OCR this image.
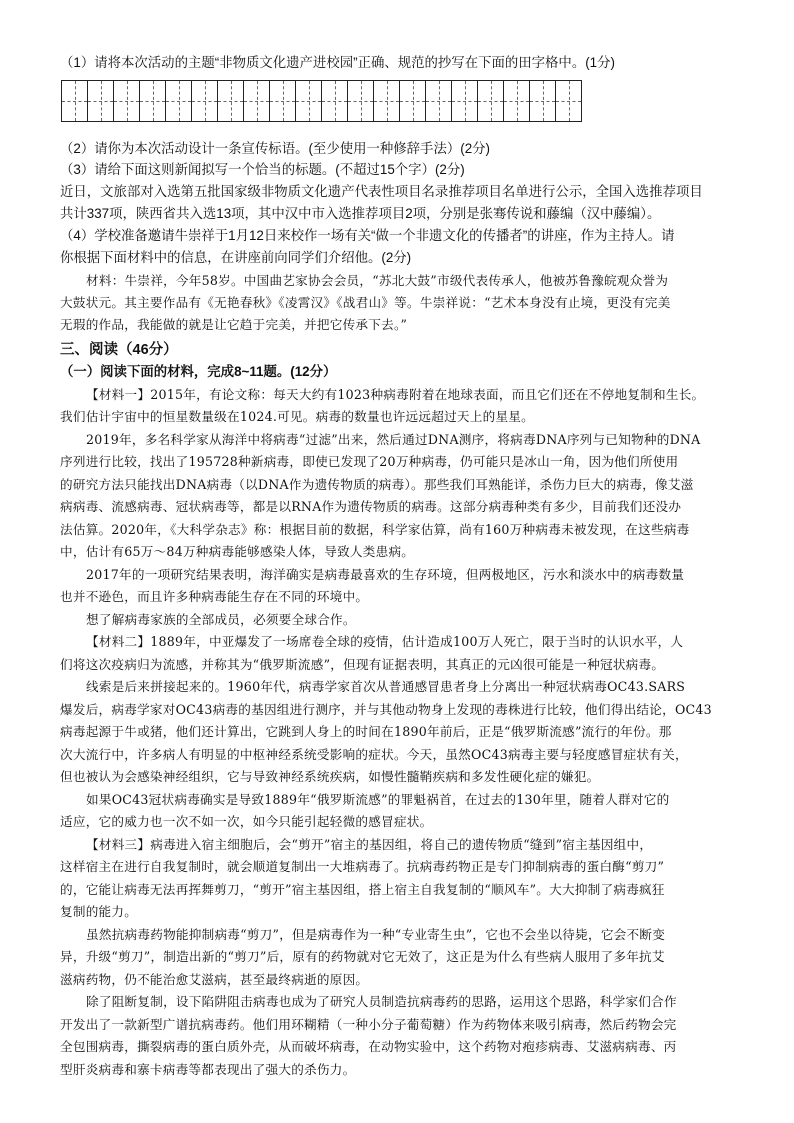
（1）请将本次活动的主题“非物质文化遗产进校园”正确、规范的抄写在下面的田字格中。(1分)
（2）请你为本次活动设计一条宣传标语。(至少使用一种修辞手法）(2分)
（3）请给下面这则新闻拟写一个恰当的标题。(不超过15个字）(2分)
近日，文旅部对入选第五批国家级非物质文化遗产代表性项目名录推荐项目名单进行公示，全国入选推荐项目
共计337项，陕西省共入选13项，其中汉中市入选推荐项目2项，分别是张骞传说和藤编（汉中藤编）。
（4）学校准备邀请牛崇祥于1月12日来校作一场有关“做一个非遗文化的传播者”的讲座，作为主持人。请
你根据下面材料中的信息，在讲座前向同学们介绍他。(2分)
材料：牛崇祥，今年58岁。中国曲艺家协会会员，“苏北大鼓”市级代表传承人，他被苏鲁豫皖观众誉为
大鼓状元。其主要作品有《无艳春秋》《凌霄汉》《战君山》等。牛崇祥说：“艺术本身没有止境，更没有完美
无瑕的作品，我能做的就是让它趋于完美，并把它传承下去。”
三、阅读（46分）
（一）阅读下面的材料，完成8~11题。(12分）
【材料一】2015年，有论文称：每天大约有1023种病毒附着在地球表面，而且它们还在不停地复制和生长。
我们估计宇宙中的恒星数量级在1024.可见。病毒的数量也许远远超过天上的星星。
2019年，多名科学家从海洋中将病毒“过滤”出来，然后通过DNA测序，将病毒DNA序列与已知物种的DNA
序列进行比较，找出了195728种新病毒，即使已发现了20万种病毒，仍可能只是冰山一角，因为他们所使用
的研究方法只能找出DNA病毒（以DNA作为遗传物质的病毒）。那些我们耳熟能详，杀伤力巨大的病毒，像艾滋
病病毒、流感病毒、冠状病毒等，都是以RNA作为遗传物质的病毒。这部分病毒种类有多少，目前我们还没办
法估算。2020年，《大科学杂志》称：根据目前的数据，科学家估算，尚有160万种病毒未被发现，在这些病毒
中，估计有65万～84万种病毒能够感染人体，导致人类患病。
2017年的一项研究结果表明，海洋确实是病毒最喜欢的生存环境，但两极地区，污水和淡水中的病毒数量
也并不逊色，而且许多种病毒能生存在不同的环境中。
想了解病毒家族的全部成员，必须要全球合作。
【材料二】1889年，中亚爆发了一场席卷全球的疫情，估计造成100万人死亡，限于当时的认识水平，人
们将这次疫病归为流感，并称其为“俄罗斯流感”，但现有证据表明，其真正的元凶很可能是一种冠状病毒。
线索是后来拼接起来的。1960年代，病毒学家首次从普通感冒患者身上分离出一种冠状病毒OC43.SARS
爆发后，病毒学家对OC43病毒的基因组进行测序，并与其他动物身上发现的毒株进行比较，他们得出结论，OC43
病毒起源于牛或猪，他们还计算出，它跳到人身上的时间在1890年前后，正是“俄罗斯流感”流行的年份。那
次大流行中，许多病人有明显的中枢神经系统受影响的症状。今天，虽然OC43病毒主要与轻度感冒症状有关，
但也被认为会感染神经组织，它与导致神经系统疾病，如慢性髓鞘疾病和多发性硬化症的嫌犯。
如果OC43冠状病毒确实是导致1889年“俄罗斯流感”的罪魁祸首，在过去的130年里，随着人群对它的
适应，它的威力也一次不如一次，如今只能引起轻微的感冒症状。
【材料三】病毒进入宿主细胞后，会“剪开”宿主的基因组，将自己的遗传物质“缝到”宿主基因组中，
这样宿主在进行自我复制时，就会顺道复制出一大堆病毒了。抗病毒药物正是专门抑制病毒的蛋白酶“剪刀”
的，它能让病毒无法再挥舞剪刀，“剪开”宿主基因组，搭上宿主自我复制的“顺风车”。大大抑制了病毒疯狂
复制的能力。
虽然抗病毒药物能抑制病毒“剪刀”，但是病毒作为一种“专业寄生虫”，它也不会坐以待毙，它会不断变
异，升级“剪刀”，制造出新的“剪刀”后，原有的药物就对它无效了，这正是为什么有些病人服用了多年抗艾
滋病药物，仍不能治愈艾滋病，甚至最终病逝的原因。
除了阻断复制，设下陷阱阻击病毒也成为了研究人员制造抗病毒药的思路，运用这个思路，科学家们合作
开发出了一款新型广谱抗病毒药。他们用环糊精（一种小分子葡萄糖）作为药物体来吸引病毒，然后药物会完
全包围病毒，撕裂病毒的蛋白质外壳，从而破坏病毒，在动物实验中，这个药物对疱疹病毒、艾滋病病毒、丙
型肝炎病毒和寨卡病毒等都表现出了强大的杀伤力。
